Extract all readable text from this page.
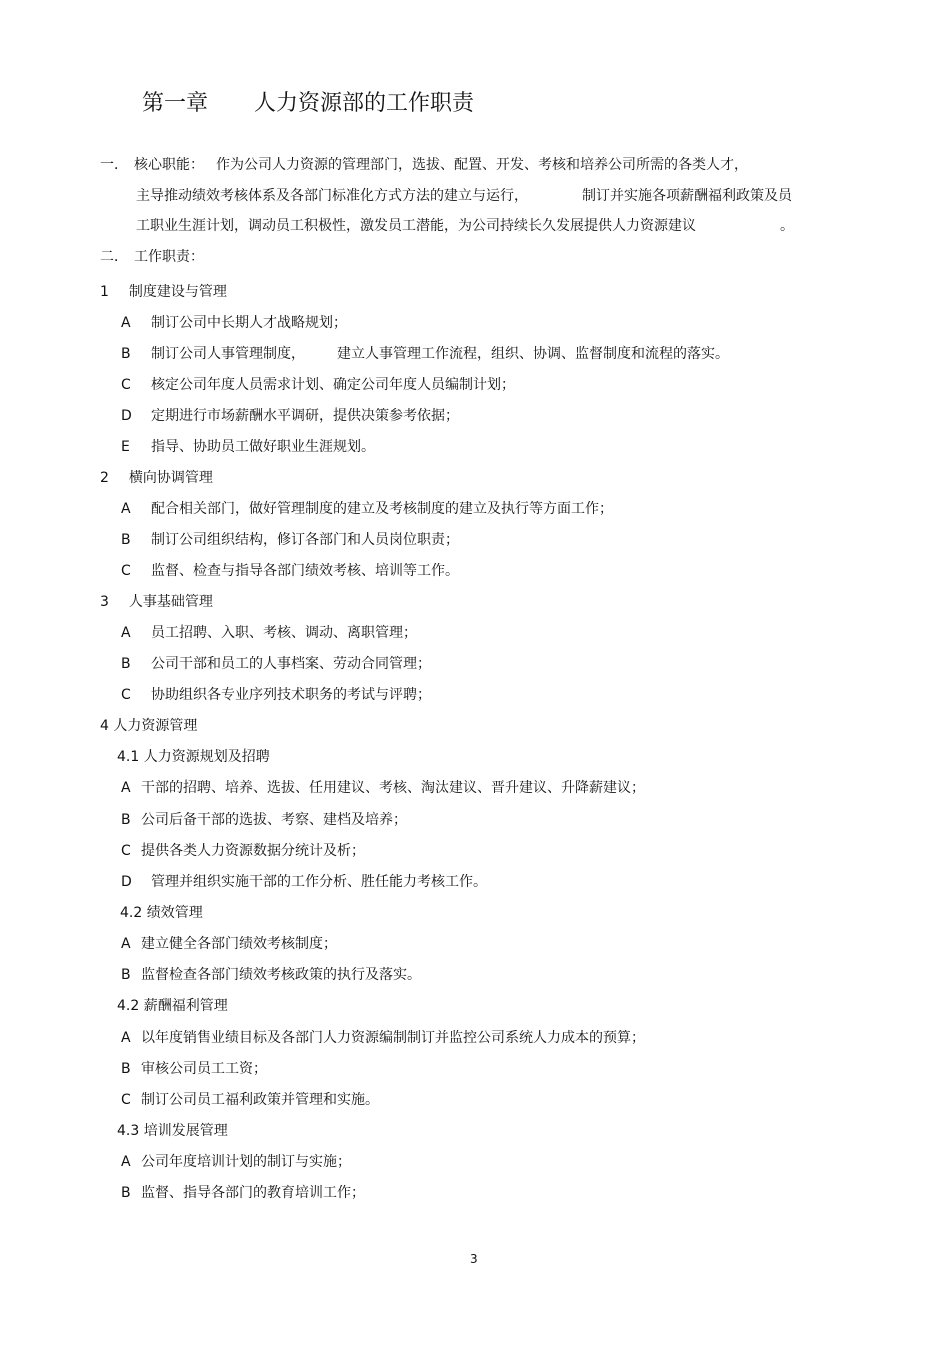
第一章 人力资源部的工作职责
一． 核心职能： 作为公司人力资源的管理部门，选拔、配置、开发、考核和培养公司所需的各类人才，
主导推动绩效考核体系及各部门标准化方式方法的建立与运行，	制订并实施各项薪酬福利政策及员
工职业生涯计划，调动员工积极性，激发员工潜能，为公司持续长久发展提供人力资源建议	。
二． 工作职责：
1 制度建设与管理
A 制订公司中长期人才战略规划；
B 制订公司人事管理制度， 建立人事管理工作流程，组织、协调、监督制度和流程的落实。
C 核定公司年度人员需求计划、确定公司年度人员编制计划；
D 定期进行市场薪酬水平调研，提供决策参考依据；
E 指导、协助员工做好职业生涯规划。
2 横向协调管理
A 配合相关部门，做好管理制度的建立及考核制度的建立及执行等方面工作；
B 制订公司组织结构，修订各部门和人员岗位职责；
C 监督、检查与指导各部门绩效考核、培训等工作。
3 人事基础管理
A 员工招聘、入职、考核、调动、离职管理；
B 公司干部和员工的人事档案、劳动合同管理；
C 协助组织各专业序列技术职务的考试与评聘；
4 人力资源管理
4.1 人力资源规划及招聘
A 干部的招聘、培养、选拔、任用建议、考核、淘汰建议、晋升建议、升降薪建议；
B 公司后备干部的选拔、考察、建档及培养；
C 提供各类人力资源数据分统计及析；
D 管理并组织实施干部的工作分析、胜任能力考核工作。
4.2 绩效管理
A 建立健全各部门绩效考核制度；
B 监督检查各部门绩效考核政策的执行及落实。
4.2 薪酬福利管理
A 以年度销售业绩目标及各部门人力资源编制制订并监控公司系统人力成本的预算；
B 审核公司员工工资；
C 制订公司员工福利政策并管理和实施。
4.3 培训发展管理
A 公司年度培训计划的制订与实施；
B 监督、指导各部门的教育培训工作；
3
